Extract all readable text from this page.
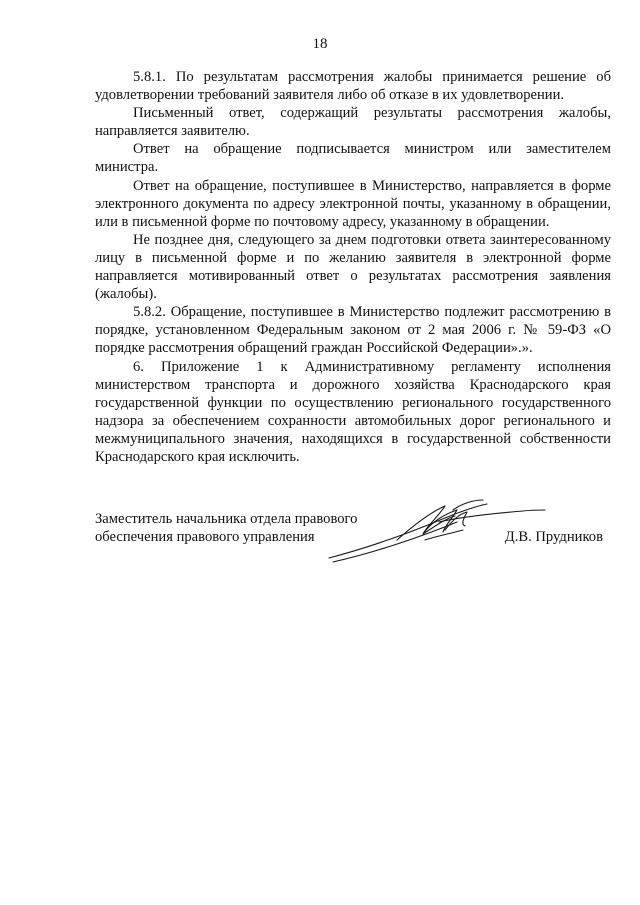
18

5.8.1. По результатам рассмотрения жалобы принимается решение об удовлетворении требований заявителя либо об отказе в их удовлетворении.

Письменный ответ, содержащий результаты рассмотрения жалобы, направляется заявителю.

Ответ на обращение подписывается министром или заместителем министра.

Ответ на обращение, поступившее в Министерство, направляется в форме электронного документа по адресу электронной почты, указанному в обращении, или в письменной форме по почтовому адресу, указанному в обращении.

Не позднее дня, следующего за днем подготовки ответа заинтересованному лицу в письменной форме и по желанию заявителя в электронной форме направляется мотивированный ответ о результатах рассмотрения заявления (жалобы).

5.8.2. Обращение, поступившее в Министерство подлежит рассмотрению в порядке, установленном Федеральным законом от 2 мая 2006 г. № 59-ФЗ «О порядке рассмотрения обращений граждан Российской Федерации».».

6. Приложение 1 к Административному регламенту исполнения министерством транспорта и дорожного хозяйства Краснодарского края государственной функции по осуществлению регионального государственного надзора за обеспечением сохранности автомобильных дорог регионального и межмуниципального значения, находящихся в государственной собственности Краснодарского края исключить.

Заместитель начальника отдела правового
обеспечения правового управления	Д.В. Прудников
